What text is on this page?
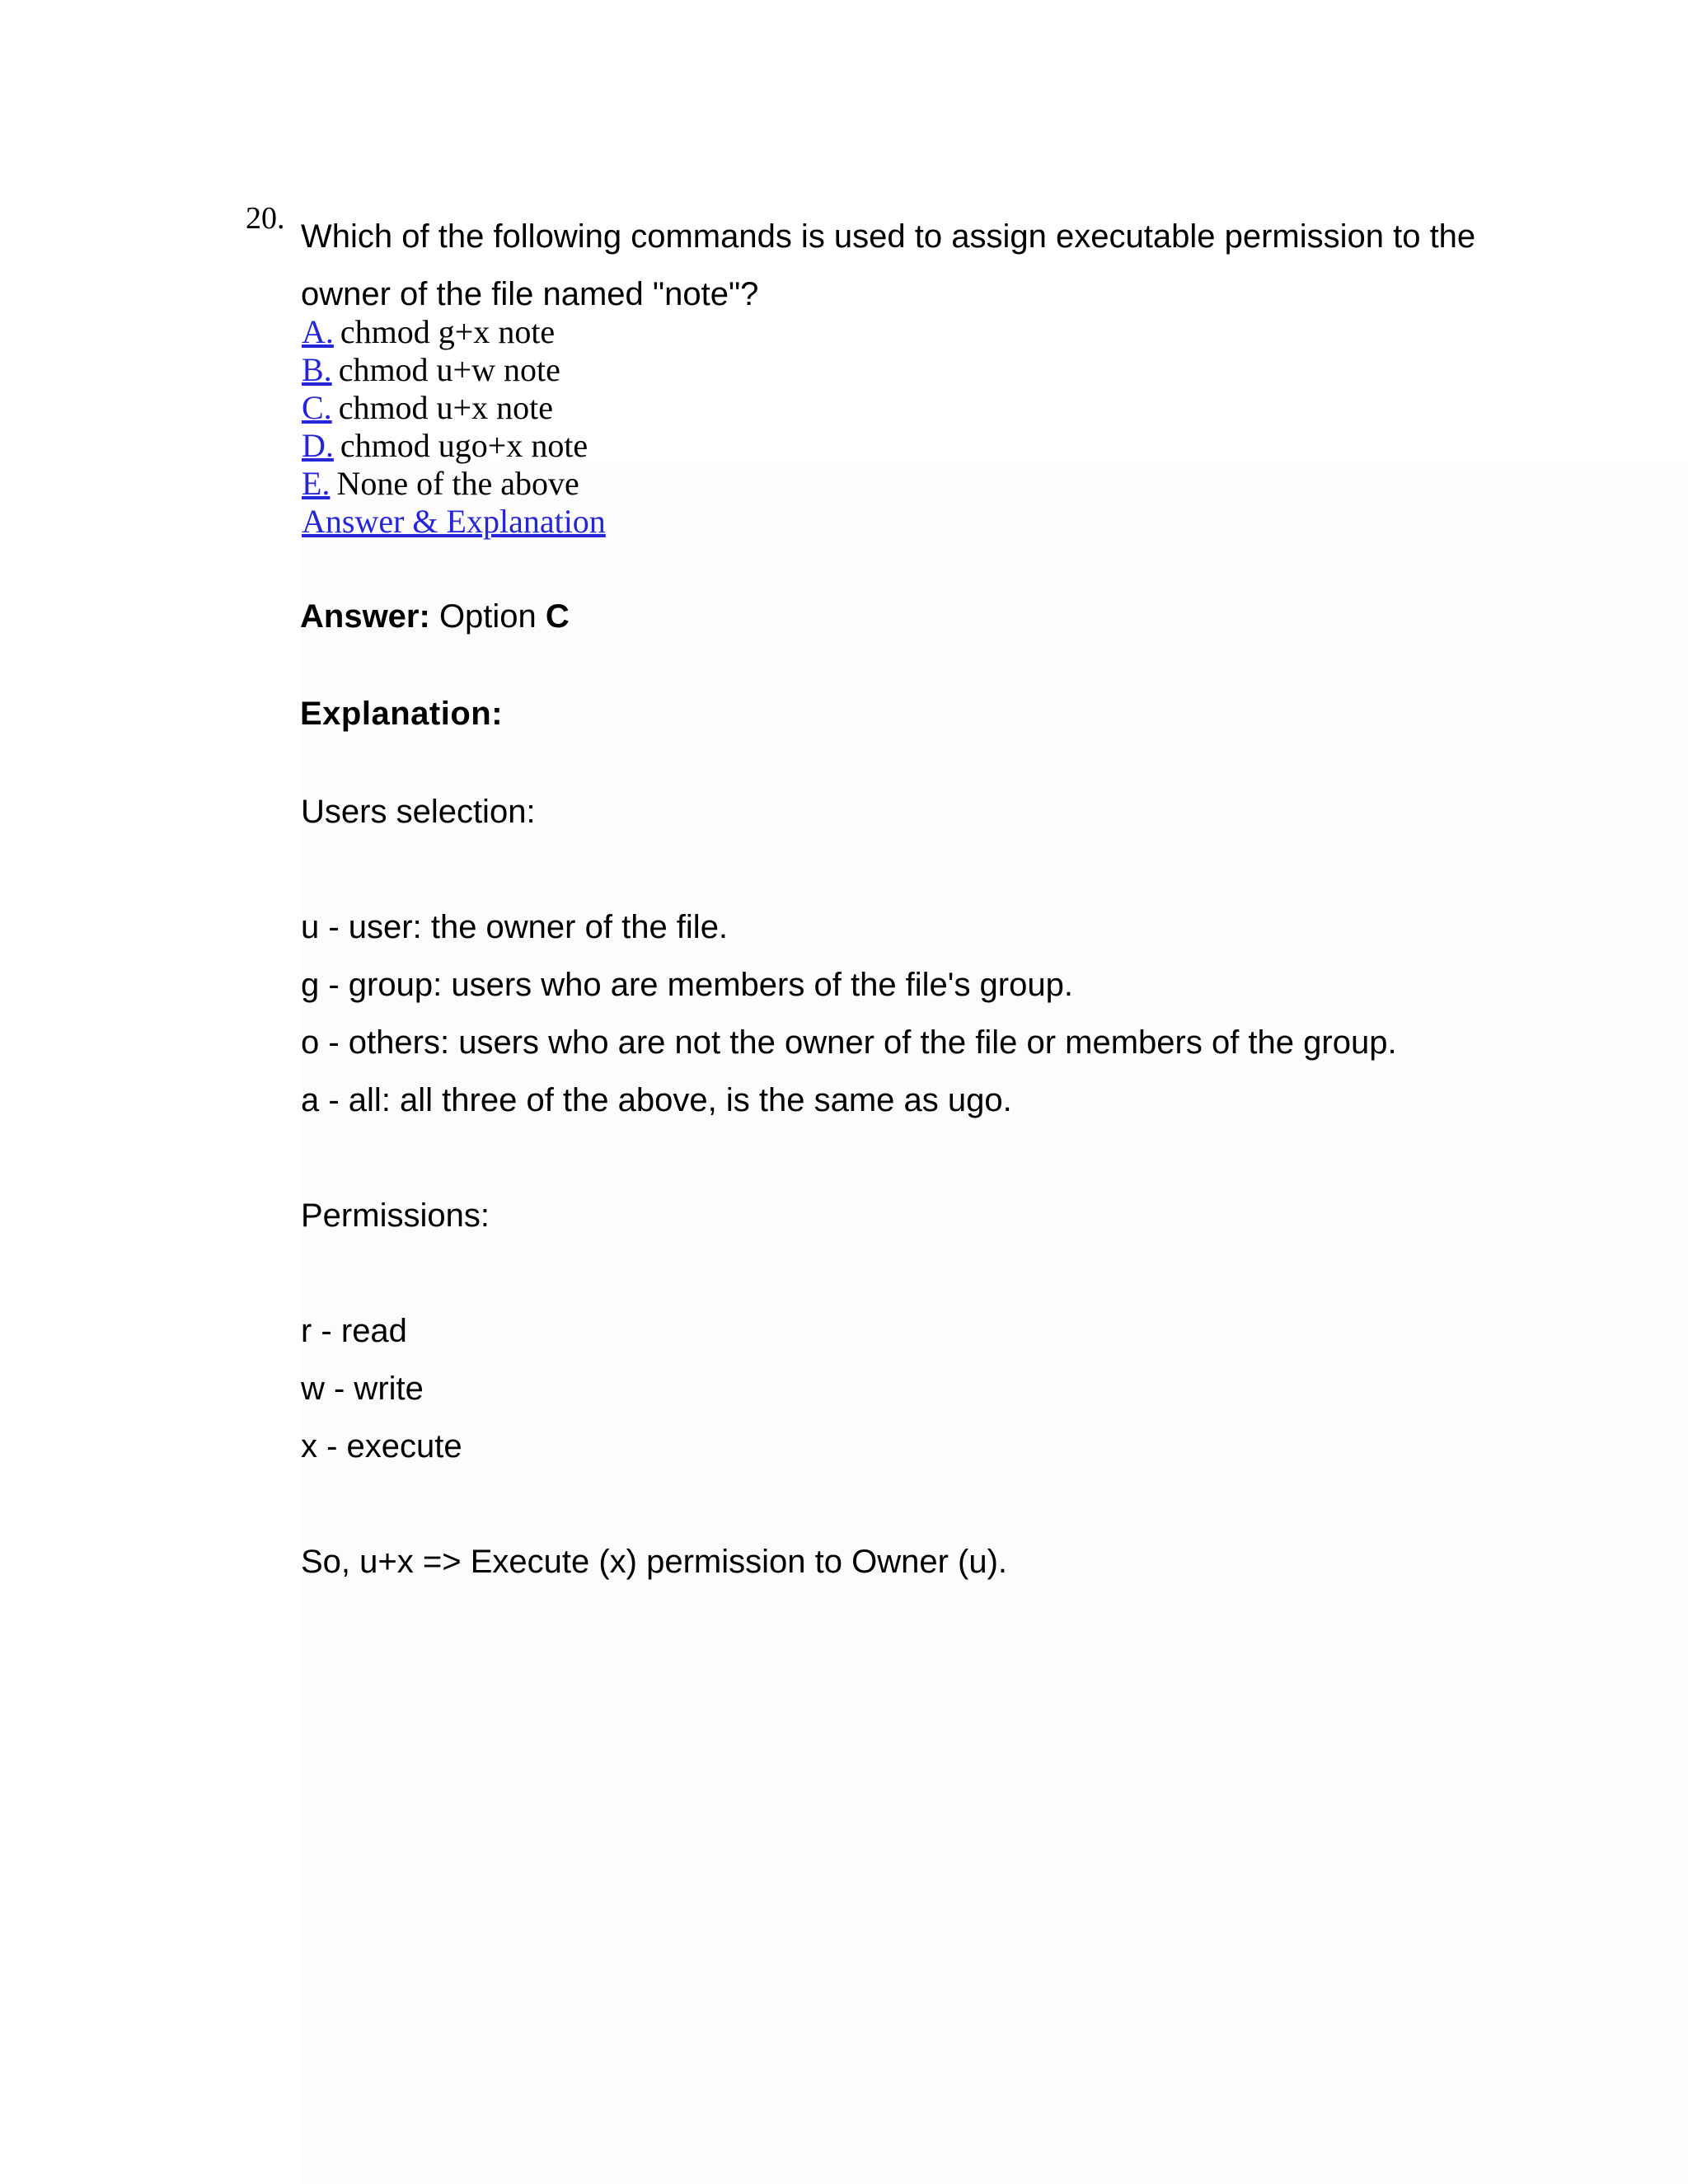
20. Which of the following commands is used to assign executable permission to the owner of the file named "note"?
A. chmod g+x note
B. chmod u+w note
C. chmod u+x note
D. chmod ugo+x note
E. None of the above
Answer & Explanation
Answer: Option C
Explanation:
Users selection:
u - user: the owner of the file.
g - group: users who are members of the file's group.
o - others: users who are not the owner of the file or members of the group.
a - all: all three of the above, is the same as ugo.
Permissions:
r - read
w - write
x - execute
So, u+x => Execute (x) permission to Owner (u).
